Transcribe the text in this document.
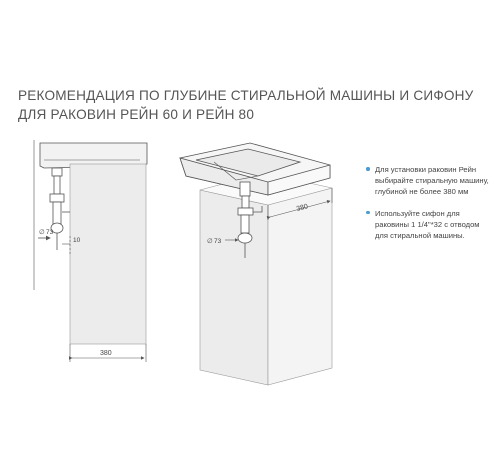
РЕКОМЕНДАЦИЯ ПО ГЛУБИНЕ СТИРАЛЬНОЙ МАШИНЫ И СИФОНУ
ДЛЯ РАКОВИН РЕЙН 60 И РЕЙН 80
∅ 73
10
380
∅ 73
380
Для установки раковин Рейн выбирайте стиральную машину, глубиной не более 380 мм
Используйте сифон для раковины 1 1/4"*32 с отводом для стиральной машины.
